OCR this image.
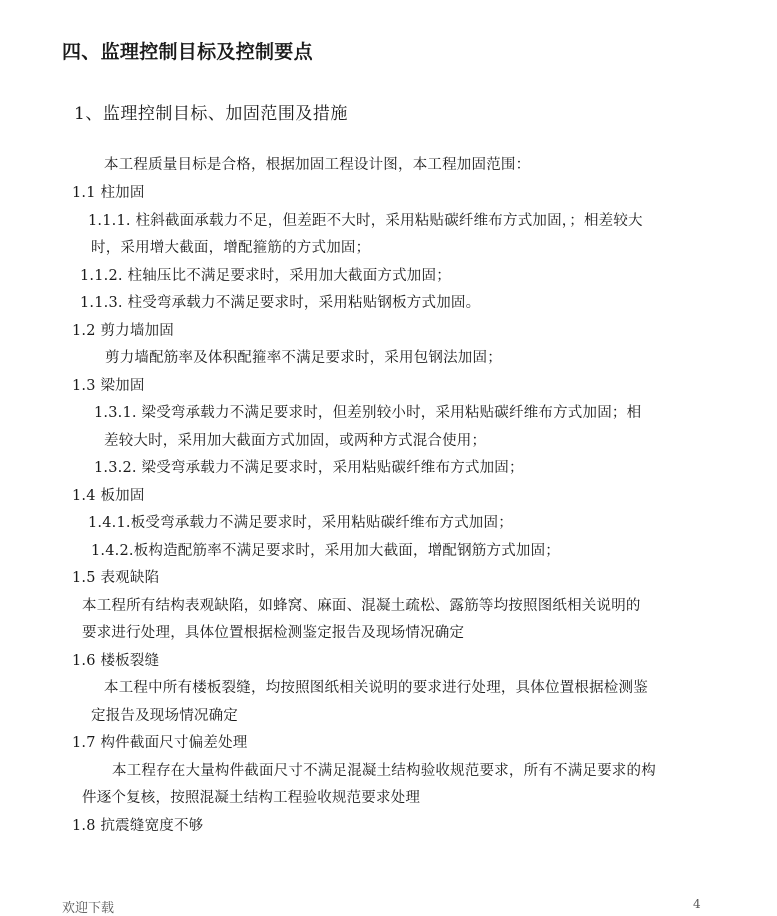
四、监理控制目标及控制要点
1、监理控制目标、加固范围及措施
本工程质量目标是合格，根据加固工程设计图，本工程加固范围：
1.1 柱加固
1.1.1. 柱斜截面承载力不足，但差距不大时，采用粘贴碳纤维布方式加固，；相差较大
时，采用增大截面，增配箍筋的方式加固；
1.1.2. 柱轴压比不满足要求时，采用加大截面方式加固；
1.1.3. 柱受弯承载力不满足要求时，采用粘贴钢板方式加固。
1.2 剪力墙加固
剪力墙配筋率及体积配箍率不满足要求时，采用包钢法加固；
1.3 梁加固
1.3.1. 梁受弯承载力不满足要求时，但差别较小时，采用粘贴碳纤维布方式加固；相
差较大时，采用加大截面方式加固，或两种方式混合使用；
1.3.2. 梁受弯承载力不满足要求时，采用粘贴碳纤维布方式加固；
1.4 板加固
1.4.1.板受弯承载力不满足要求时，采用粘贴碳纤维布方式加固；
1.4.2.板构造配筋率不满足要求时，采用加大截面，增配钢筋方式加固；
1.5 表观缺陷
本工程所有结构表观缺陷，如蜂窝、麻面、混凝土疏松、露筋等均按照图纸相关说明的
要求进行处理，具体位置根据检测鉴定报告及现场情况确定
1.6 楼板裂缝
本工程中所有楼板裂缝，均按照图纸相关说明的要求进行处理，具体位置根据检测鉴
定报告及现场情况确定
1.7 构件截面尺寸偏差处理
本工程存在大量构件截面尺寸不满足混凝土结构验收规范要求，所有不满足要求的构
件逐个复核，按照混凝土结构工程验收规范要求处理
1.8 抗震缝宽度不够
欢迎下载	4
